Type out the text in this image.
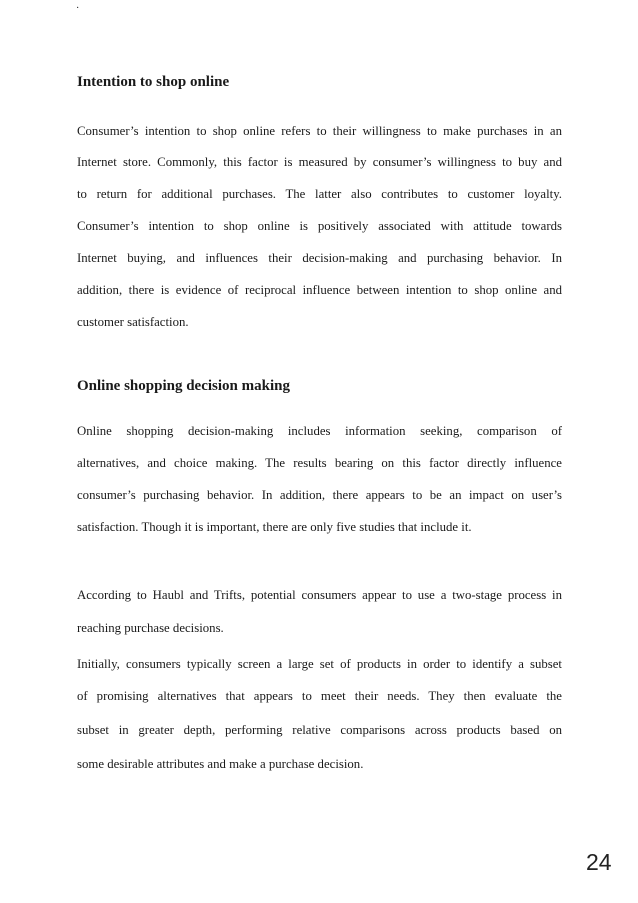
·
Intention to shop online
Consumer’s intention to shop online refers to their willingness to make purchases in an
Internet store. Commonly, this factor is measured by consumer’s willingness to buy and
to return for additional purchases. The latter also contributes to customer loyalty.
Consumer’s intention to shop online is positively associated with attitude towards
Internet buying, and influences their decision-making and purchasing behavior. In
addition, there is evidence of reciprocal influence between intention to shop online and
customer satisfaction.
Online shopping decision making
Online shopping decision-making includes information seeking, comparison of
alternatives, and choice making. The results bearing on this factor directly influence
consumer’s purchasing behavior. In addition, there appears to be an impact on user’s
satisfaction. Though it is important, there are only five studies that include it.
According to Haubl and Trifts, potential consumers appear to use a two-stage process in
reaching purchase decisions.
Initially, consumers typically screen a large set of products in order to identify a subset
of promising alternatives that appears to meet their needs. They then evaluate the
subset in greater depth, performing relative comparisons across products based on
some desirable attributes and make a purchase decision.
24
